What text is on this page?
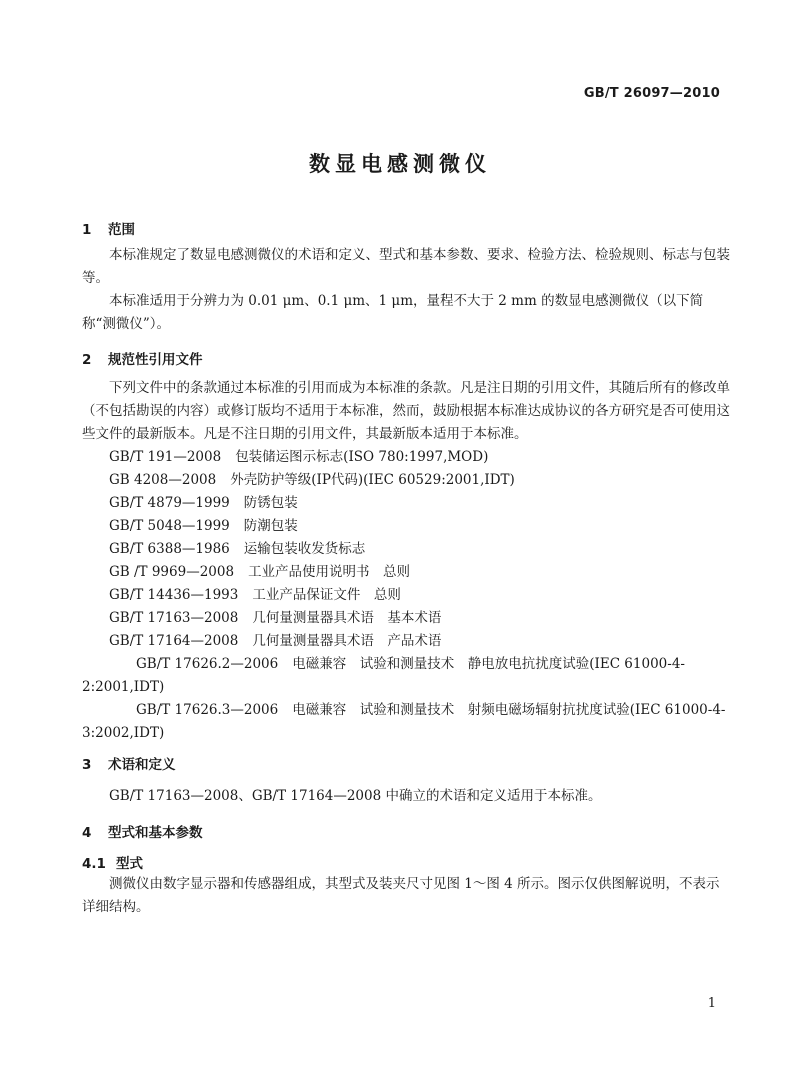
GB/T 26097—2010
数显电感测微仪
1 范围

本标准规定了数显电感测微仪的术语和定义、型式和基本参数、要求、检验方法、检验规则、标志与包装等。

本标准适用于分辨力为 0.01 μm、0.1 μm、1 μm，量程不大于 2 mm 的数显电感测微仪（以下简称“测微仪”）。

2 规范性引用文件

下列文件中的条款通过本标准的引用而成为本标准的条款。凡是注日期的引用文件，其随后所有的修改单（不包括勘误的内容）或修订版均不适用于本标准，然而，鼓励根据本标准达成协议的各方研究是否可使用这些文件的最新版本。凡是不注日期的引用文件，其最新版本适用于本标准。

GB/T 191—2008 包装储运图示标志(ISO 780:1997,MOD)
GB 4208—2008 外壳防护等级(IP代码)(IEC 60529:2001,IDT)
GB/T 4879—1999 防锈包装
GB/T 5048—1999 防潮包装
GB/T 6388—1986 运输包装收发货标志
GB /T 9969—2008 工业产品使用说明书　总则
GB/T 14436—1993 工业产品保证文件　总则
GB/T 17163—2008 几何量测量器具术语　基本术语
GB/T 17164—2008 几何量测量器具术语　产品术语
GB/T 17626.2—2006 电磁兼容　试验和测量技术　静电放电抗扰度试验(IEC 61000-4-2:2001,IDT)
GB/T 17626.3—2006 电磁兼容　试验和测量技术　射频电磁场辐射抗扰度试验(IEC 61000-4-3:2002,IDT)
3 术语和定义

GB/T 17163—2008、GB/T 17164—2008 中确立的术语和定义适用于本标准。

4 型式和基本参数
4.1 型式

测微仪由数字显示器和传感器组成，其型式及装夹尺寸见图 1～图 4 所示。图示仅供图解说明，不表示详细结构。

1
